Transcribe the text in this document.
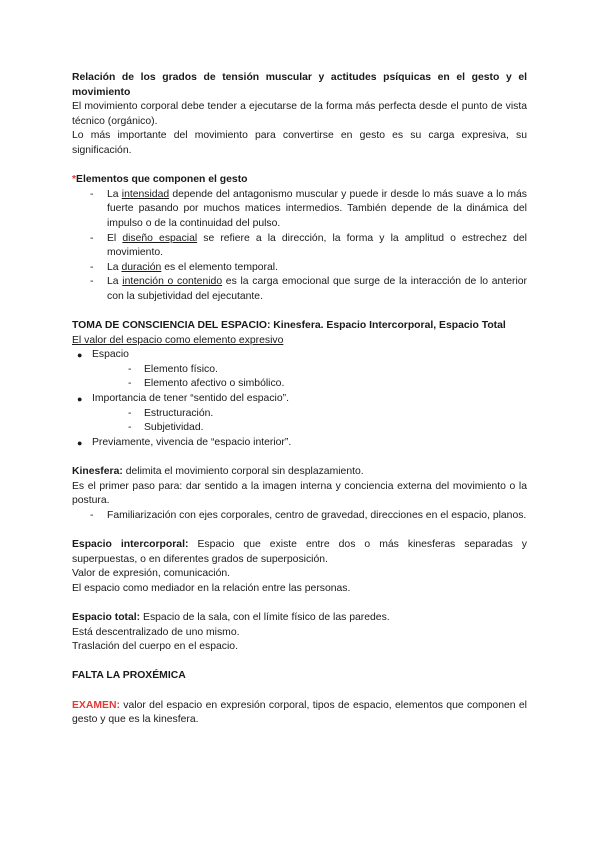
Relación de los grados de tensión muscular y actitudes psíquicas en el gesto y el movimiento

El movimiento corporal debe tender a ejecutarse de la forma más perfecta desde el punto de vista técnico (orgánico).

Lo más importante del movimiento para convertirse en gesto es su carga expresiva, su significación.

*Elementos que componen el gesto

- La intensidad depende del antagonismo muscular y puede ir desde lo más suave a lo más fuerte pasando por muchos matices intermedios. También depende de la dinámica del impulso o de la continuidad del pulso.
- El diseño espacial se refiere a la dirección, la forma y la amplitud o estrechez del movimiento.
- La duración es el elemento temporal.
- La intención o contenido es la carga emocional que surge de la interacción de lo anterior con la subjetividad del ejecutante.

TOMA DE CONSCIENCIA DEL ESPACIO: Kinesfera. Espacio Intercorporal, Espacio Total

El valor del espacio como elemento expresivo

● Espacio
- Elemento físico.
- Elemento afectivo o simbólico.
● Importancia de tener “sentido del espacio”.
- Estructuración.
- Subjetividad.
● Previamente, vivencia de “espacio interior”.

Kinesfera: delimita el movimiento corporal sin desplazamiento.

Es el primer paso para: dar sentido a la imagen interna y conciencia externa del movimiento o la postura.

- Familiarización con ejes corporales, centro de gravedad, direcciones en el espacio, planos.

Espacio intercorporal: Espacio que existe entre dos o más kinesferas separadas y superpuestas, o en diferentes grados de superposición.

Valor de expresión, comunicación.

El espacio como mediador en la relación entre las personas.

Espacio total: Espacio de la sala, con el límite físico de las paredes.

Está descentralizado de uno mismo.

Traslación del cuerpo en el espacio.

FALTA LA PROXÉMICA

EXAMEN: valor del espacio en expresión corporal, tipos de espacio, elementos que componen el gesto y que es la kinesfera.
